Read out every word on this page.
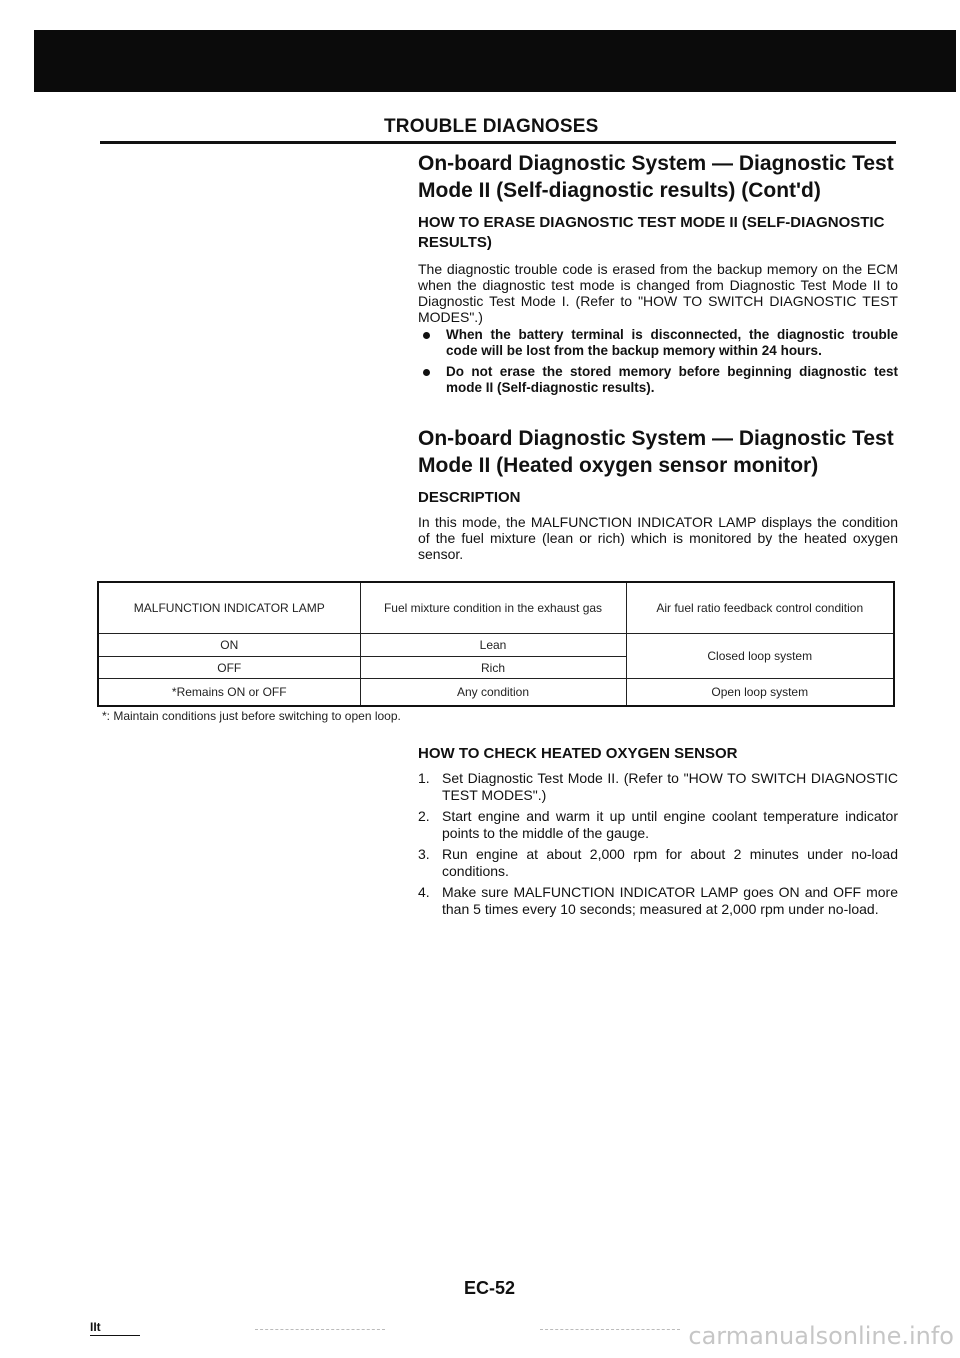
TROUBLE DIAGNOSES
On-board Diagnostic System — Diagnostic Test Mode II (Self-diagnostic results) (Cont'd)
HOW TO ERASE DIAGNOSTIC TEST MODE II (SELF-DIAGNOSTIC RESULTS)

The diagnostic trouble code is erased from the backup memory on the ECM when the diagnostic test mode is changed from Diagnostic Test Mode II to Diagnostic Test Mode I. (Refer to "HOW TO SWITCH DIAGNOSTIC TEST MODES".)

When the battery terminal is disconnected, the diagnostic trouble code will be lost from the backup memory within 24 hours.
Do not erase the stored memory before beginning diagnostic test mode II (Self-diagnostic results).
On-board Diagnostic System — Diagnostic Test Mode II (Heated oxygen sensor monitor)
DESCRIPTION

In this mode, the MALFUNCTION INDICATOR LAMP displays the condition of the fuel mixture (lean or rich) which is monitored by the heated oxygen sensor.

MALFUNCTION INDICATOR LAMP	Fuel mixture condition in the exhaust gas	Air fuel ratio feedback control condition
ON	Lean	Closed loop system
OFF	Rich	
*Remains ON or OFF	Any condition	Open loop system
*: Maintain conditions just before switching to open loop.
HOW TO CHECK HEATED OXYGEN SENSOR
1. Set Diagnostic Test Mode II. (Refer to "HOW TO SWITCH DIAGNOSTIC TEST MODES".)
2. Start engine and warm it up until engine coolant temperature indicator points to the middle of the gauge.
3. Run engine at about 2,000 rpm for about 2 minutes under no-load conditions.
4. Make sure MALFUNCTION INDICATOR LAMP goes ON and OFF more than 5 times every 10 seconds; measured at 2,000 rpm under no-load.
EC-52
IIt	carmanualsonline.info
